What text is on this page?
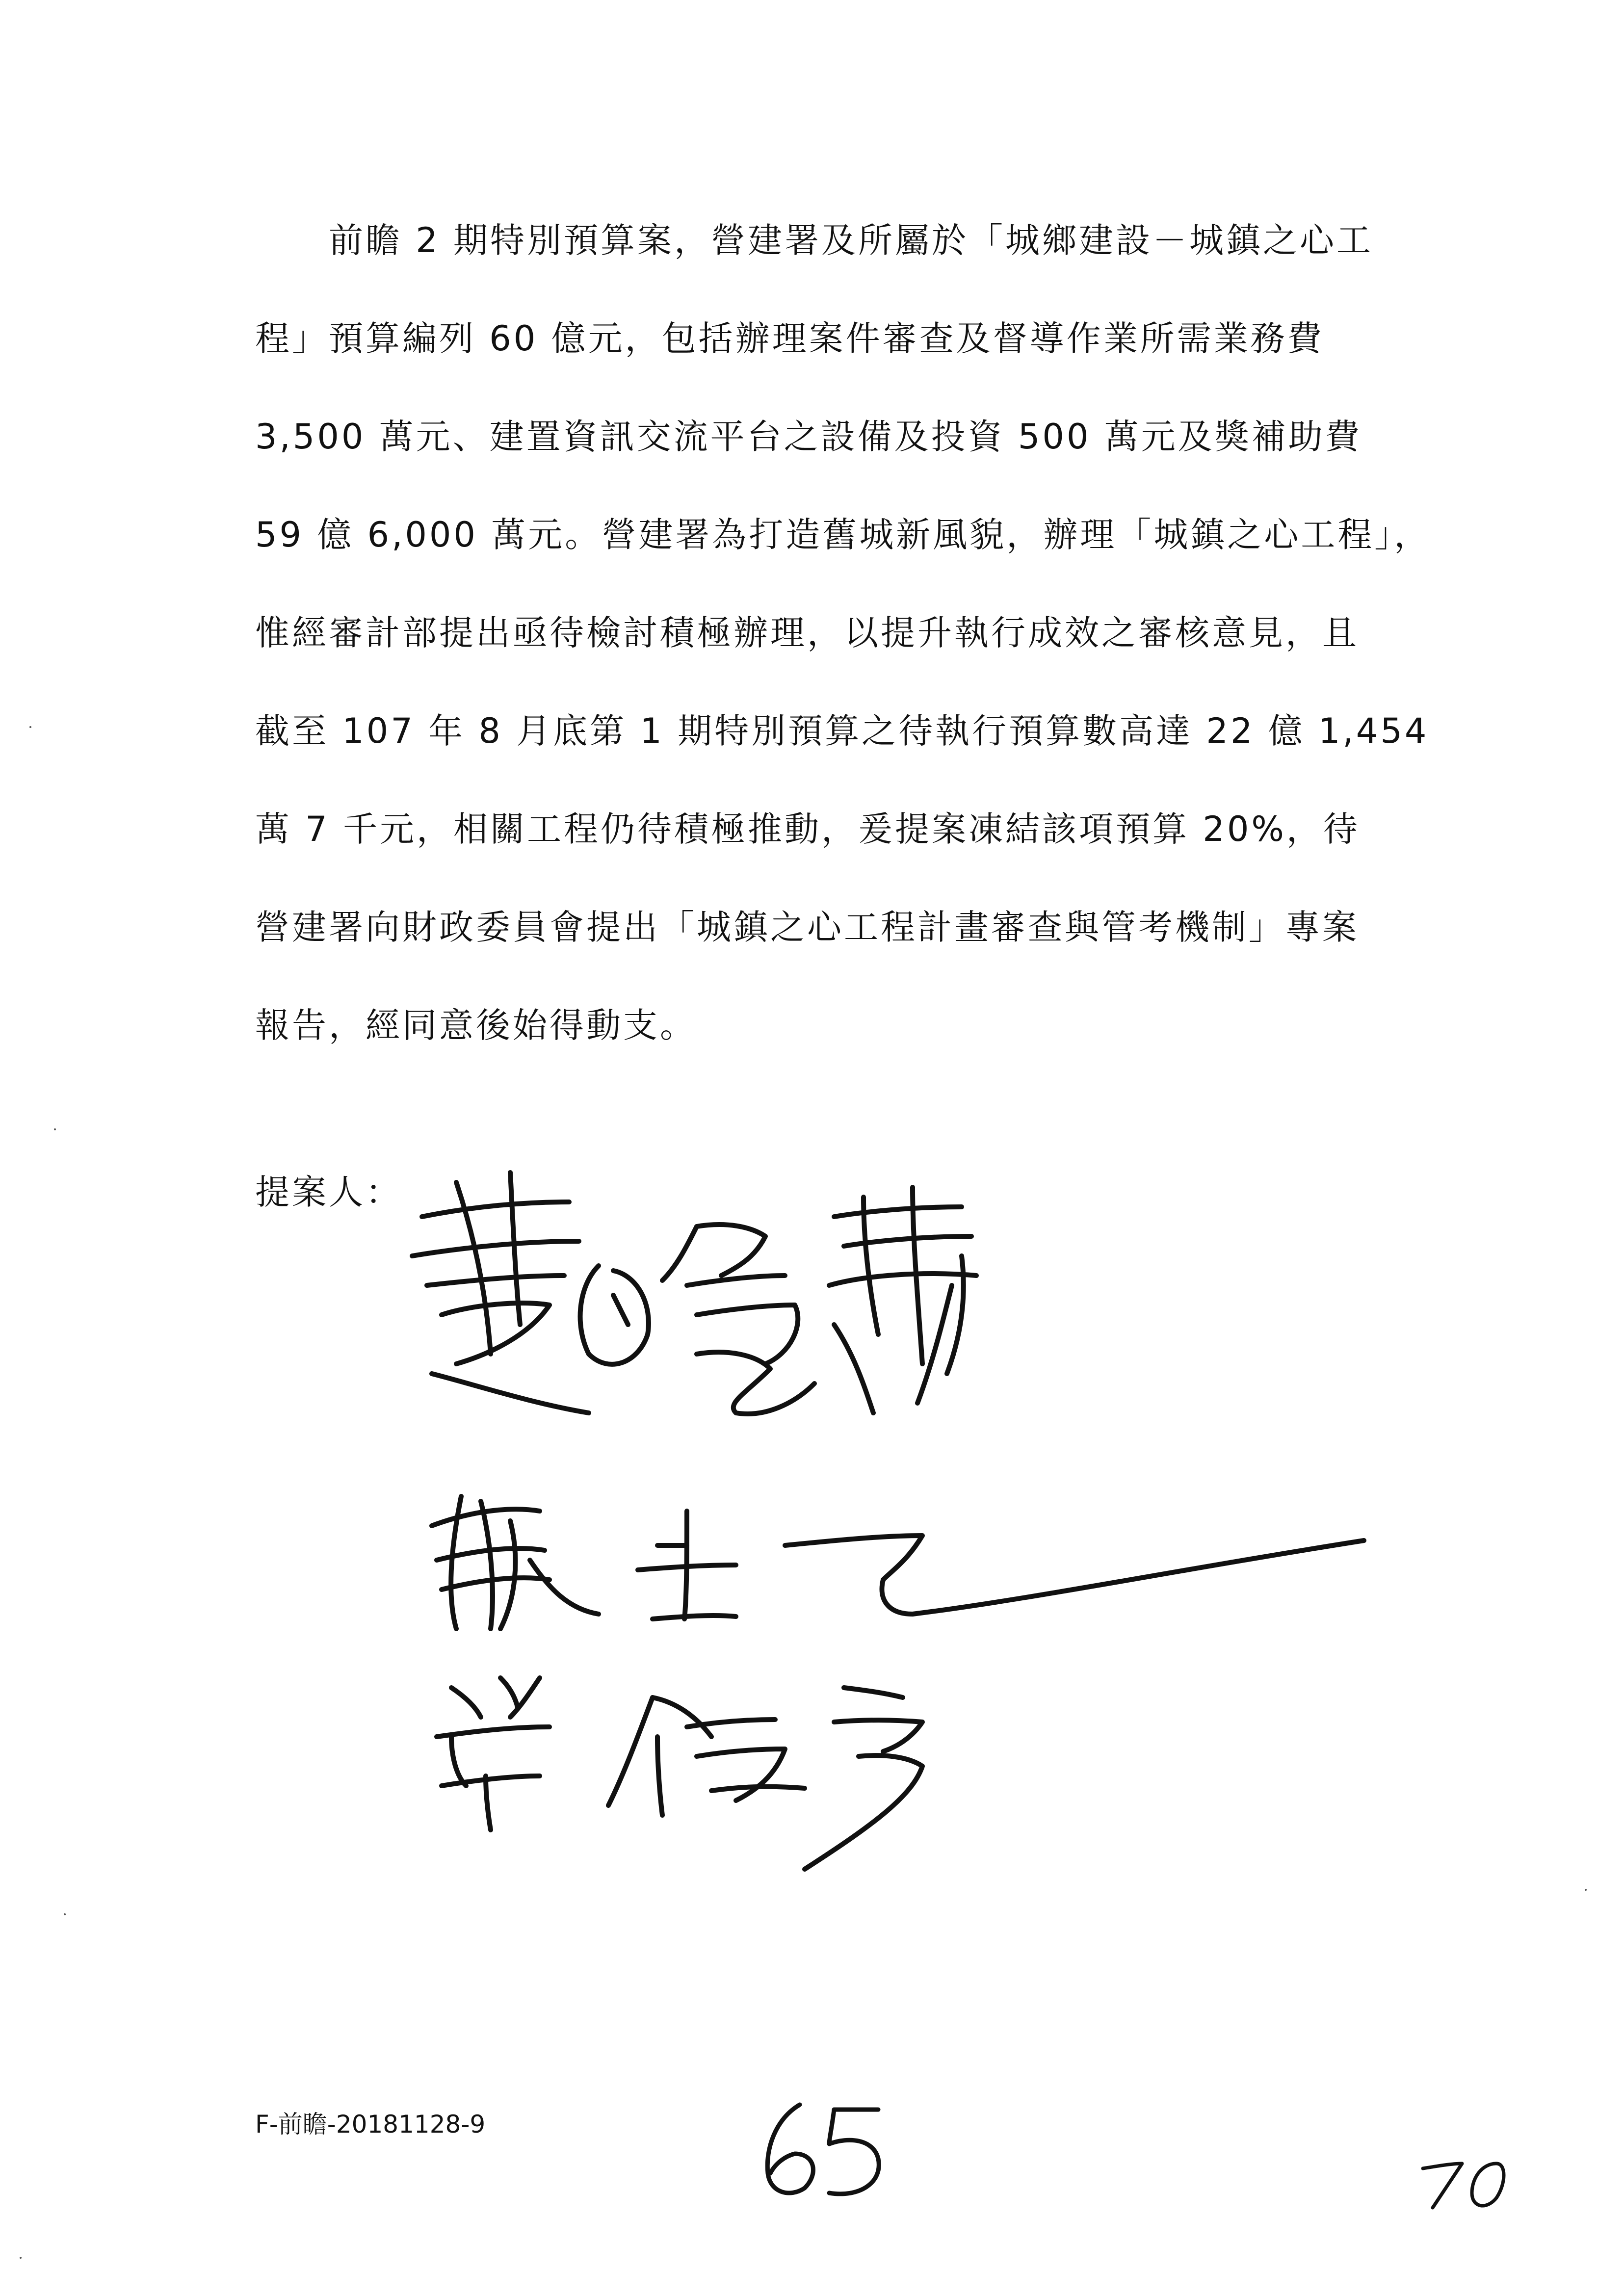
前瞻 2 期特別預算案，營建署及所屬於「城鄉建設－城鎮之心工
程」預算編列 60 億元，包括辦理案件審查及督導作業所需業務費
3,500 萬元、建置資訊交流平台之設備及投資 500 萬元及獎補助費
59 億 6,000 萬元。營建署為打造舊城新風貌，辦理「城鎮之心工程」，
惟經審計部提出亟待檢討積極辦理，以提升執行成效之審核意見，且
截至 107 年 8 月底第 1 期特別預算之待執行預算數高達 22 億 1,454
萬 7 千元，相關工程仍待積極推動，爰提案凍結該項預算 20%，待
營建署向財政委員會提出「城鎮之心工程計畫審查與管考機制」專案
報告，經同意後始得動支。
提案人：
F-前瞻-20181128-9
